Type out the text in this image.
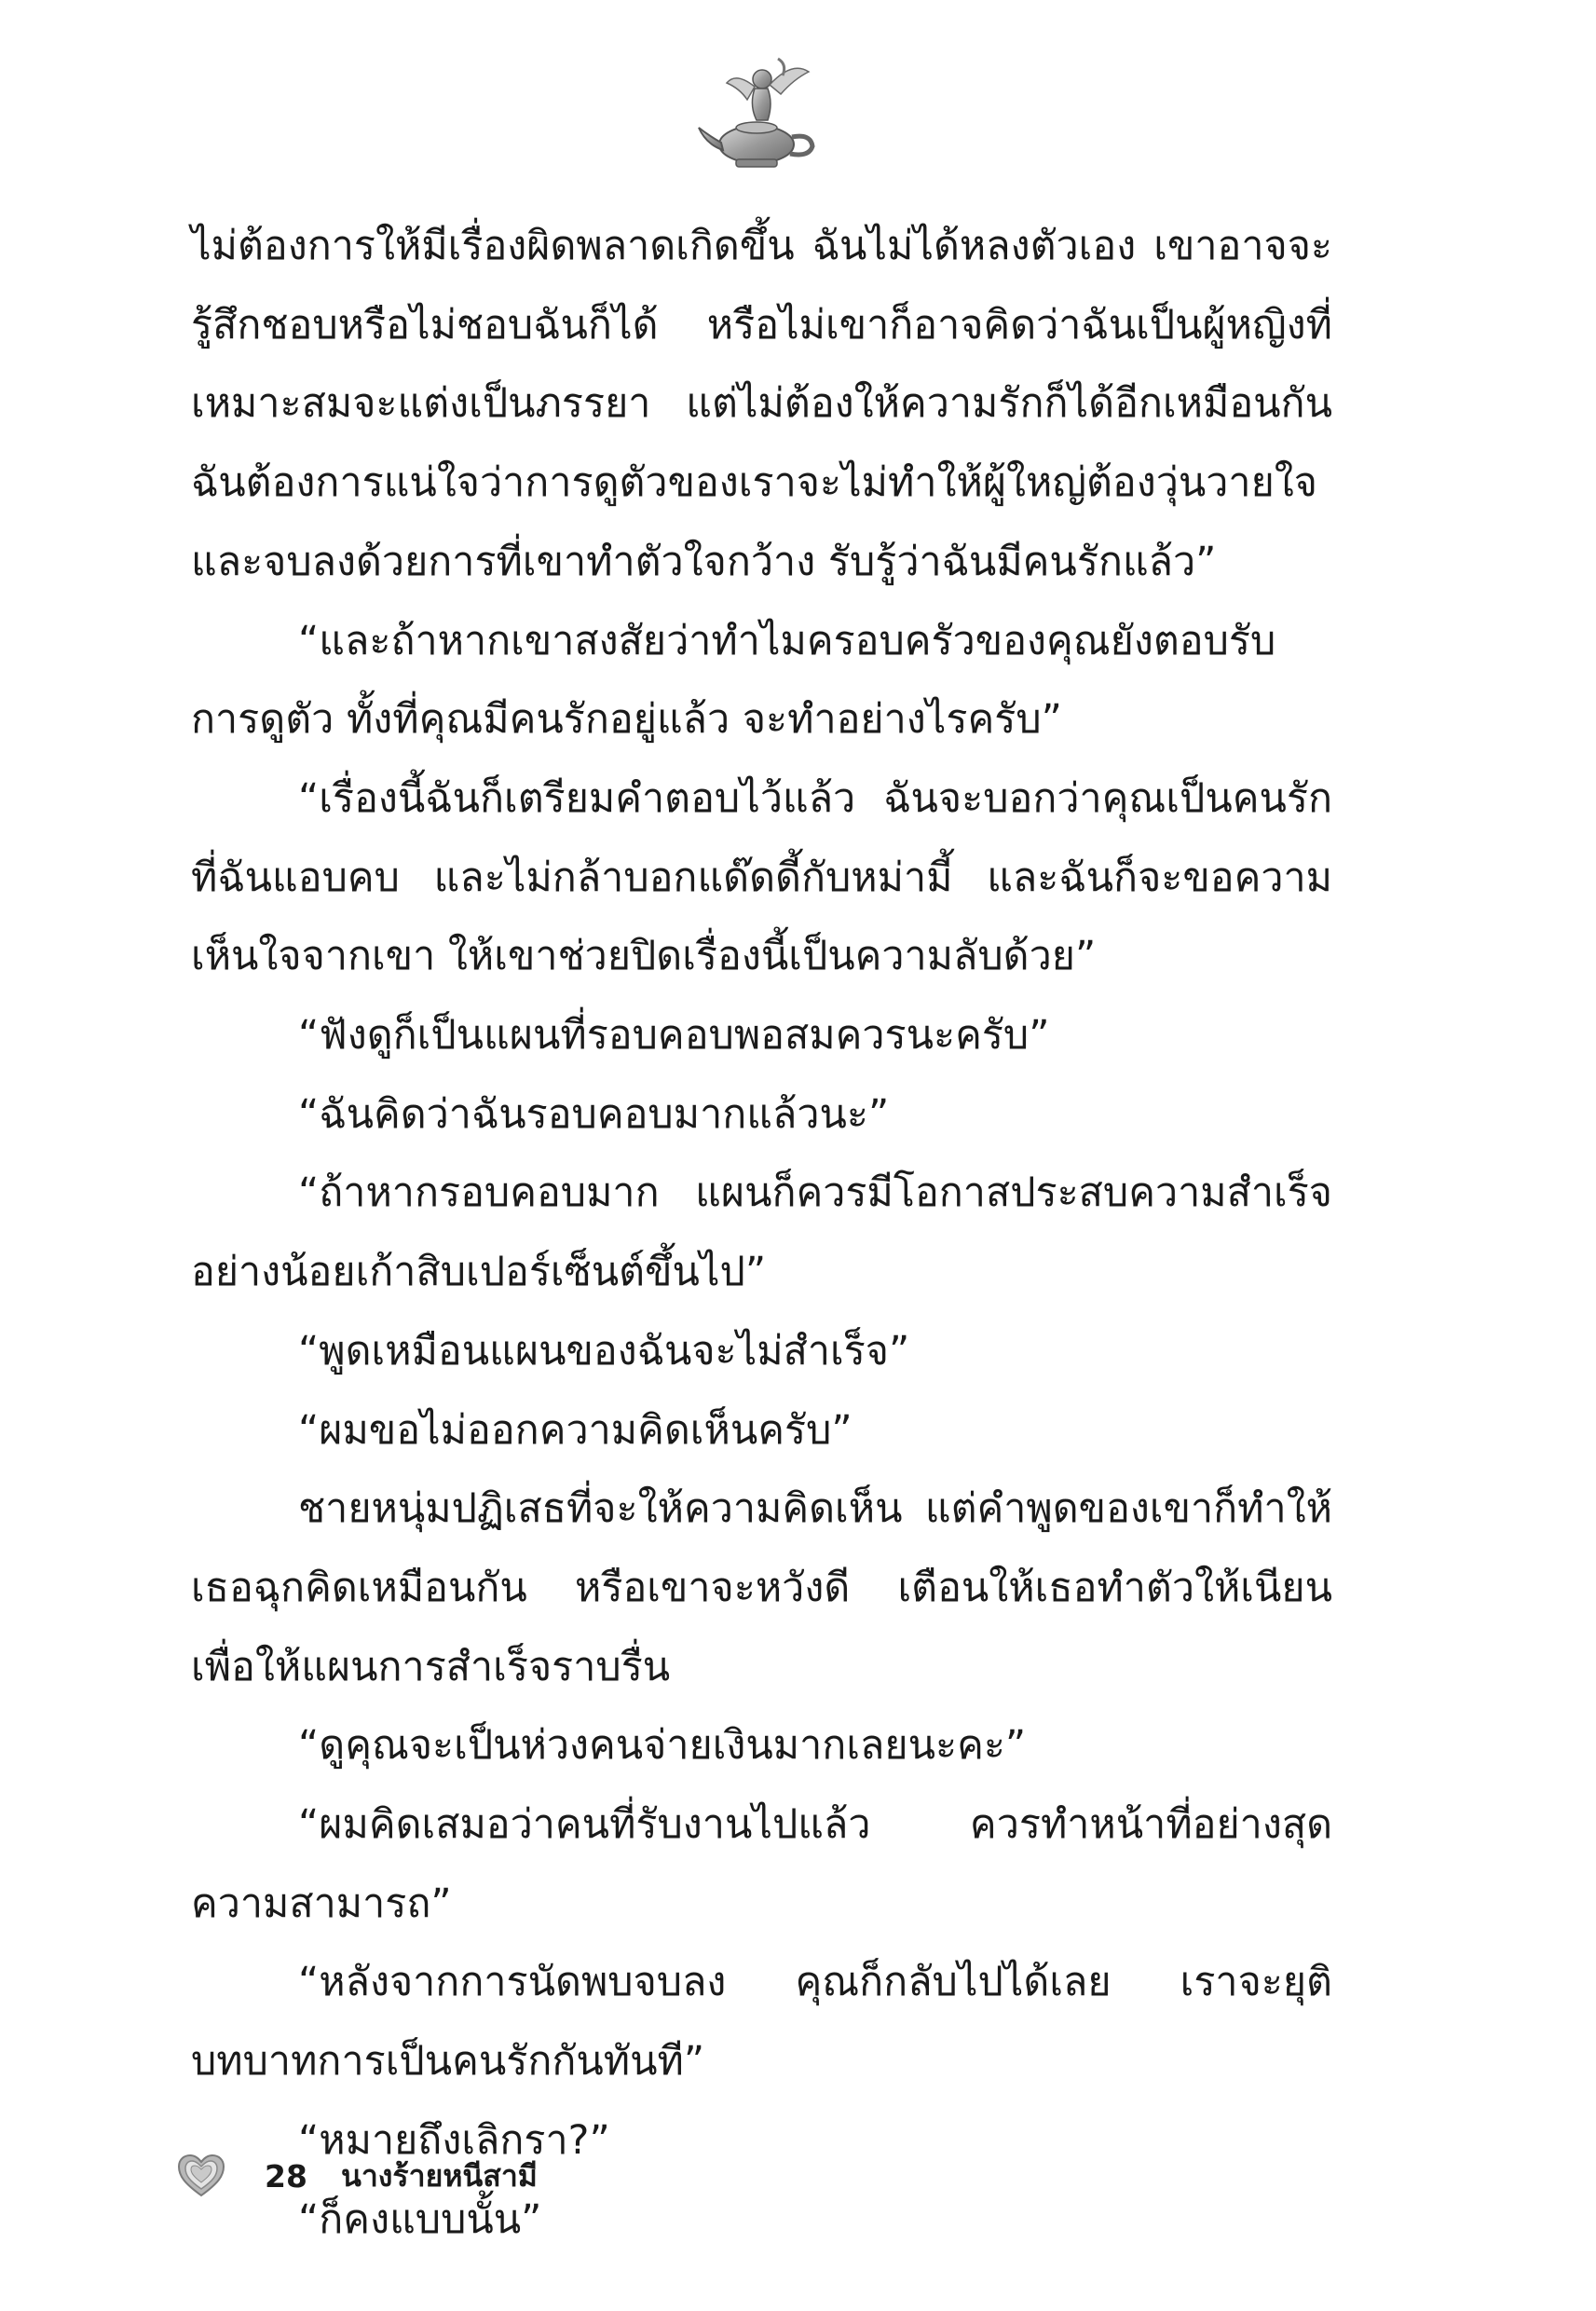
ไม่ต้องการให้มีเรื่องผิดพลาดเกิดขึ้น ฉันไม่ได้หลงตัวเอง เขาอาจจะรู้สึกชอบหรือไม่ชอบฉันก็ได้ หรือไม่เขาก็อาจคิดว่าฉันเป็นผู้หญิงที่เหมาะสมจะแต่งเป็นภรรยา แต่ไม่ต้องให้ความรักก็ได้อีกเหมือนกัน ฉันต้องการแน่ใจว่าการดูตัวของเราจะไม่ทำให้ผู้ใหญ่ต้องวุ่นวายใจและจบลงด้วยการที่เขาทำตัวใจกว้าง รับรู้ว่าฉันมีคนรักแล้ว”

“และถ้าหากเขาสงสัยว่าทำไมครอบครัวของคุณยังตอบรับการดูตัว ทั้งที่คุณมีคนรักอยู่แล้ว จะทำอย่างไรครับ”

“เรื่องนี้ฉันก็เตรียมคำตอบไว้แล้ว ฉันจะบอกว่าคุณเป็นคนรักที่ฉันแอบคบ และไม่กล้าบอกแด๊ดดี้กับหม่ามี้ และฉันก็จะขอความเห็นใจจากเขา ให้เขาช่วยปิดเรื่องนี้เป็นความลับด้วย”

“ฟังดูก็เป็นแผนที่รอบคอบพอสมควรนะครับ”

“ฉันคิดว่าฉันรอบคอบมากแล้วนะ”

“ถ้าหากรอบคอบมาก แผนก็ควรมีโอกาสประสบความสำเร็จอย่างน้อยเก้าสิบเปอร์เซ็นต์ขึ้นไป”

“พูดเหมือนแผนของฉันจะไม่สำเร็จ”

“ผมขอไม่ออกความคิดเห็นครับ”

ชายหนุ่มปฏิเสธที่จะให้ความคิดเห็น แต่คำพูดของเขาก็ทำให้เธอฉุกคิดเหมือนกัน หรือเขาจะหวังดี เตือนให้เธอทำตัวให้เนียน เพื่อให้แผนการสำเร็จราบรื่น

“ดูคุณจะเป็นห่วงคนจ่ายเงินมากเลยนะคะ”

“ผมคิดเสมอว่าคนที่รับงานไปแล้ว ควรทำหน้าที่อย่างสุดความสามารถ”

“หลังจากการนัดพบจบลง คุณก็กลับไปได้เลย เราจะยุติบทบาทการเป็นคนรักกันทันที”

“หมายถึงเลิกรา?”

“ก็คงแบบนั้น”

28 นางร้ายหนีสามี
